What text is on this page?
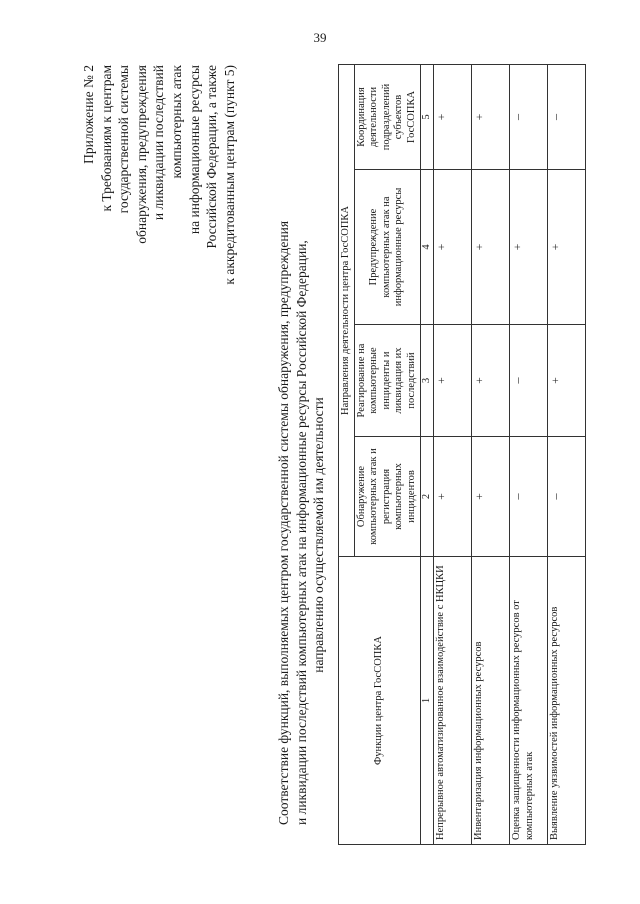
39
Приложение № 2 к Требованиям к центрам государственной системы обнаружения, предупреждения и ликвидации последствий компьютерных атак на информационные ресурсы Российской Федерации, а также к аккредитованным центрам (пункт 5)
Соответствие функций, выполняемых центром государственной системы обнаружения, предупреждения и ликвидации последствий компьютерных атак на информационные ресурсы Российской Федерации, направлению осуществляемой им деятельности
Функции центра ГосСОПКА	Направления деятельности центра ГосСОПКА			
	Обнаружение компьютерных атак и регистрация компьютерных инцидентов	Реагирование на компьютерные инциденты и ликвидация их последствий	Предупреждение компьютерных атак на информационные ресурсы	Координация деятельности подразделений субъектов ГосСОПКА
1	2	3	4	5
Непрерывное автоматизированное взаимодействие с НКЦКИ	+	+	+	+
Инвентаризация информационных ресурсов	+	+	+	+
Оценка защищенности информационных ресурсов от компьютерных атак	–	–	+	–
Выявление уязвимостей информационных ресурсов	–	+	+	–
